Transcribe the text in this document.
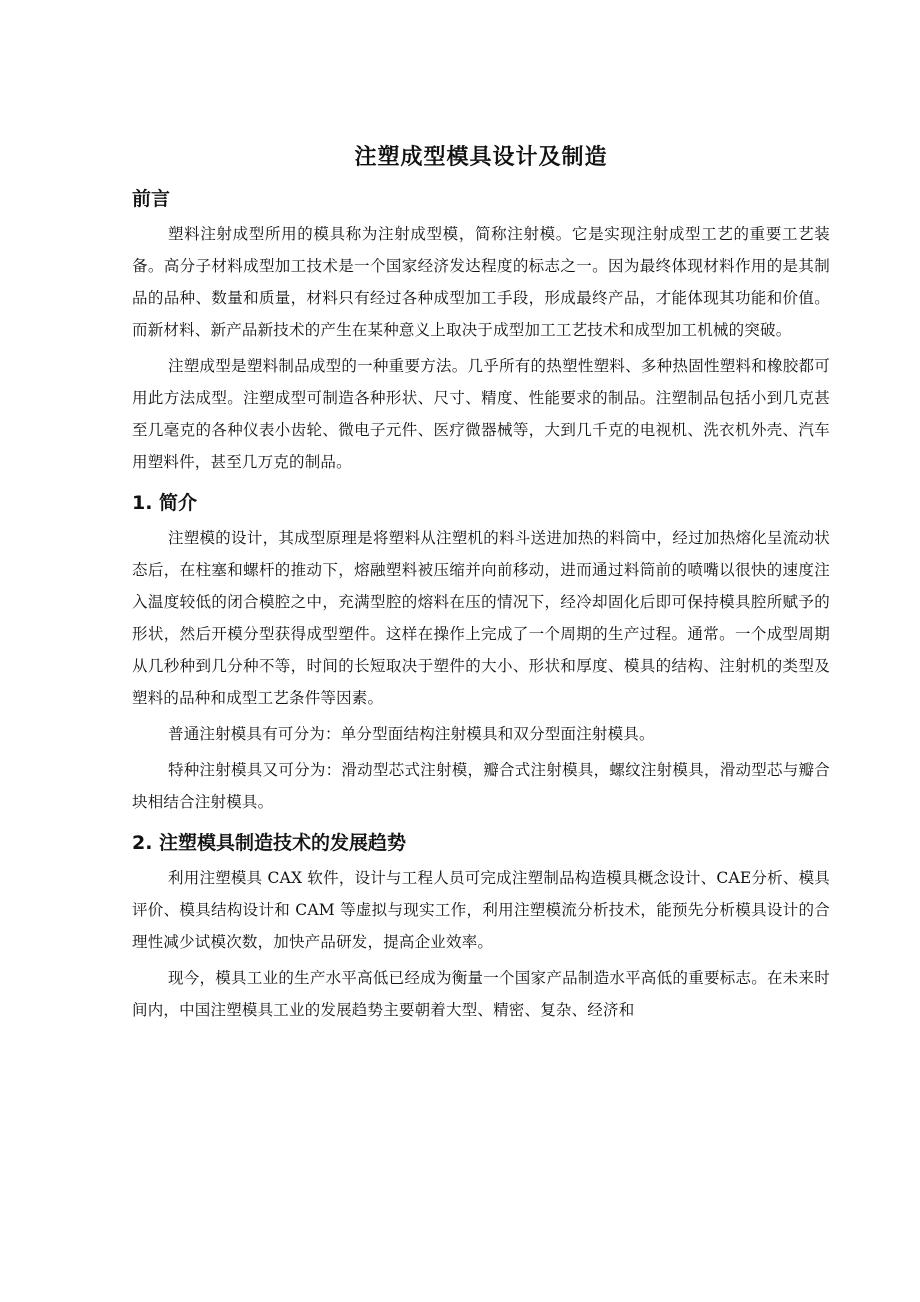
注塑成型模具设计及制造
前言

塑料注射成型所用的模具称为注射成型模，简称注射模。它是实现注射成型工艺的重要工艺装备。高分子材料成型加工技术是一个国家经济发达程度的标志之一。因为最终体现材料作用的是其制品的品种、数量和质量，材料只有经过各种成型加工手段，形成最终产品，才能体现其功能和价值。而新材料、新产品新技术的产生在某种意义上取决于成型加工工艺技术和成型加工机械的突破。

注塑成型是塑料制品成型的一种重要方法。几乎所有的热塑性塑料、多种热固性塑料和橡胶都可用此方法成型。注塑成型可制造各种形状、尺寸、精度、性能要求的制品。注塑制品包括小到几克甚至几毫克的各种仪表小齿轮、微电子元件、医疗微器械等，大到几千克的电视机、洗衣机外壳、汽车用塑料件，甚至几万克的制品。

1. 简介

注塑模的设计，其成型原理是将塑料从注塑机的料斗送进加热的料筒中，经过加热熔化呈流动状态后，在柱塞和螺杆的推动下，熔融塑料被压缩并向前移动，进而通过料筒前的喷嘴以很快的速度注入温度较低的闭合模腔之中，充满型腔的熔料在压的情况下，经冷却固化后即可保持模具腔所赋予的形状，然后开模分型获得成型塑件。这样在操作上完成了一个周期的生产过程。通常。一个成型周期从几秒种到几分种不等，时间的长短取决于塑件的大小、形状和厚度、模具的结构、注射机的类型及塑料的品种和成型工艺条件等因素。

普通注射模具有可分为：单分型面结构注射模具和双分型面注射模具。

特种注射模具又可分为：滑动型芯式注射模，瓣合式注射模具，螺纹注射模具，滑动型芯与瓣合块相结合注射模具。

2. 注塑模具制造技术的发展趋势

利用注塑模具 CAX 软件，设计与工程人员可完成注塑制品构造模具概念设计、CAE分析、模具评价、模具结构设计和 CAM 等虚拟与现实工作，利用注塑模流分析技术，能预先分析模具设计的合理性减少试模次数，加快产品研发，提高企业效率。

现今，模具工业的生产水平高低已经成为衡量一个国家产品制造水平高低的重要标志。在未来时间内，中国注塑模具工业的发展趋势主要朝着大型、精密、复杂、经济和
